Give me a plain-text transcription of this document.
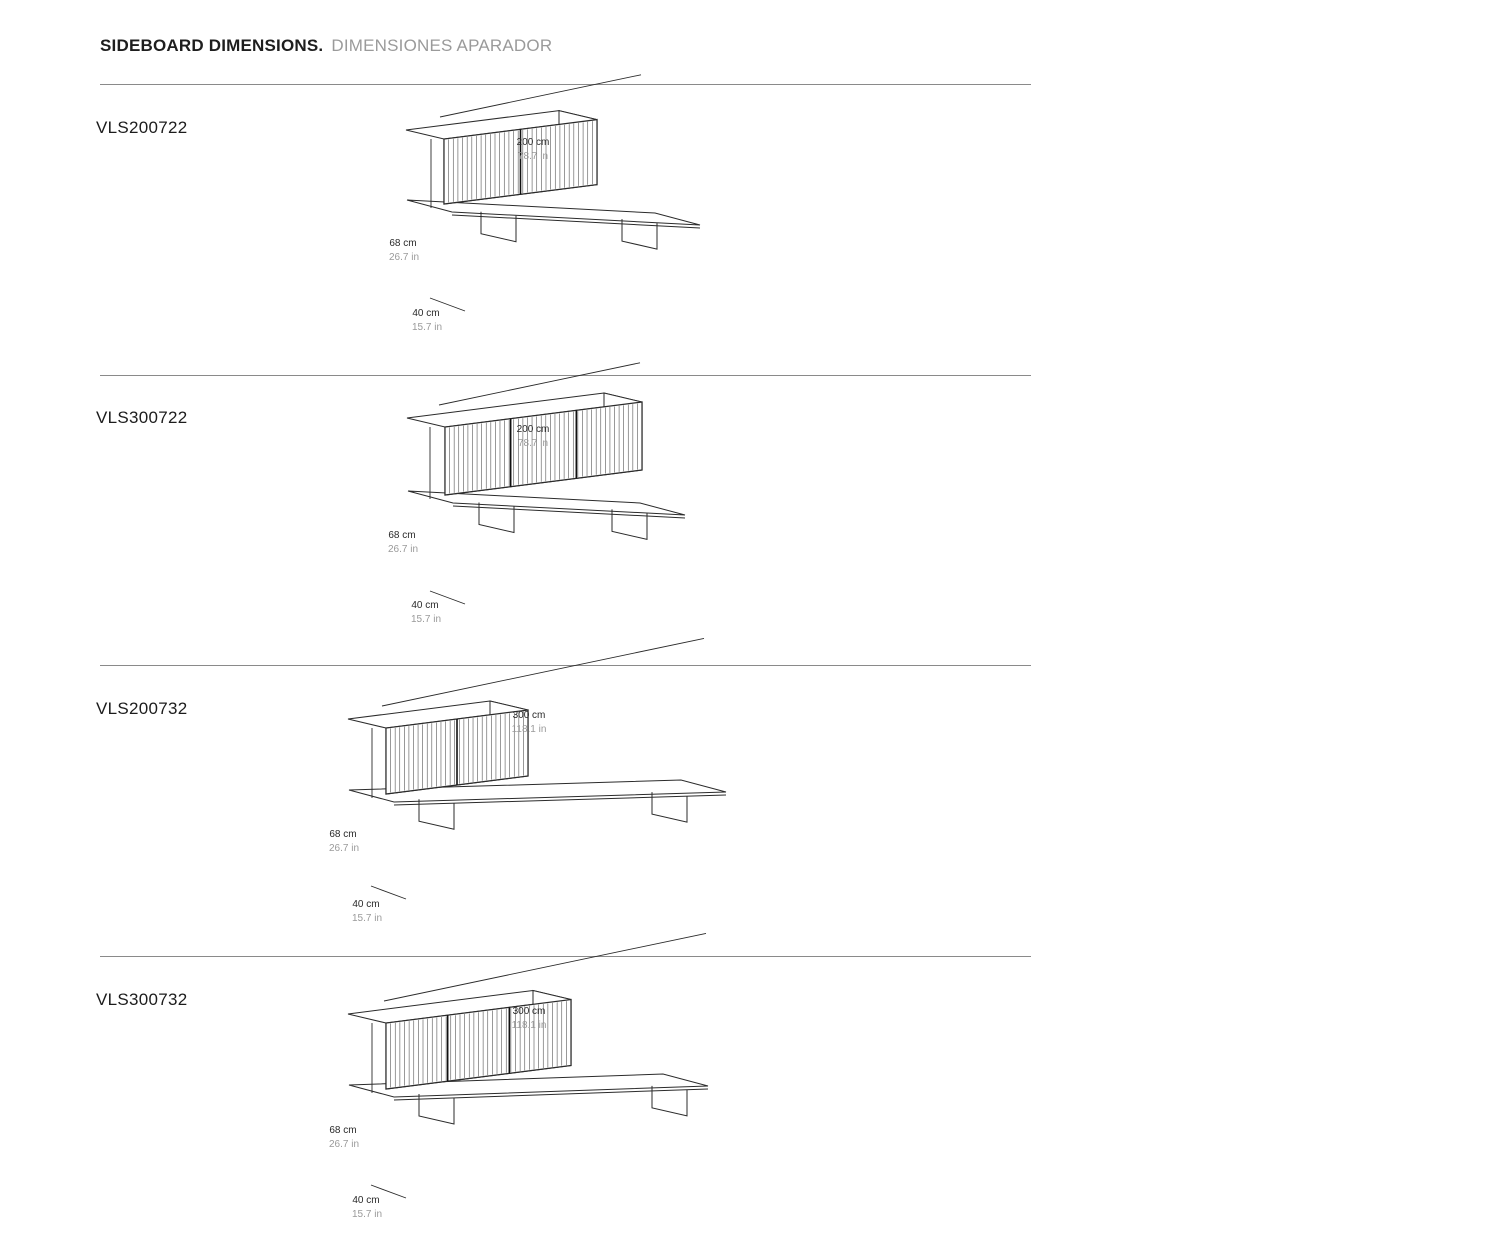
SIDEBOARD DIMENSIONS. DIMENSIONES APARADOR
VLS200722
200 cm
78.7 in
68 cm
26.7 in
40 cm
15.7 in
VLS300722
200 cm
78.7 in
68 cm
26.7 in
40 cm
15.7 in
VLS200732	300 cm
118.1 in
68 cm
26.7 in
40 cm
15.7 in
VLS300732
300 cm
118.1 in
68 cm
26.7 in
40 cm
15.7 in
